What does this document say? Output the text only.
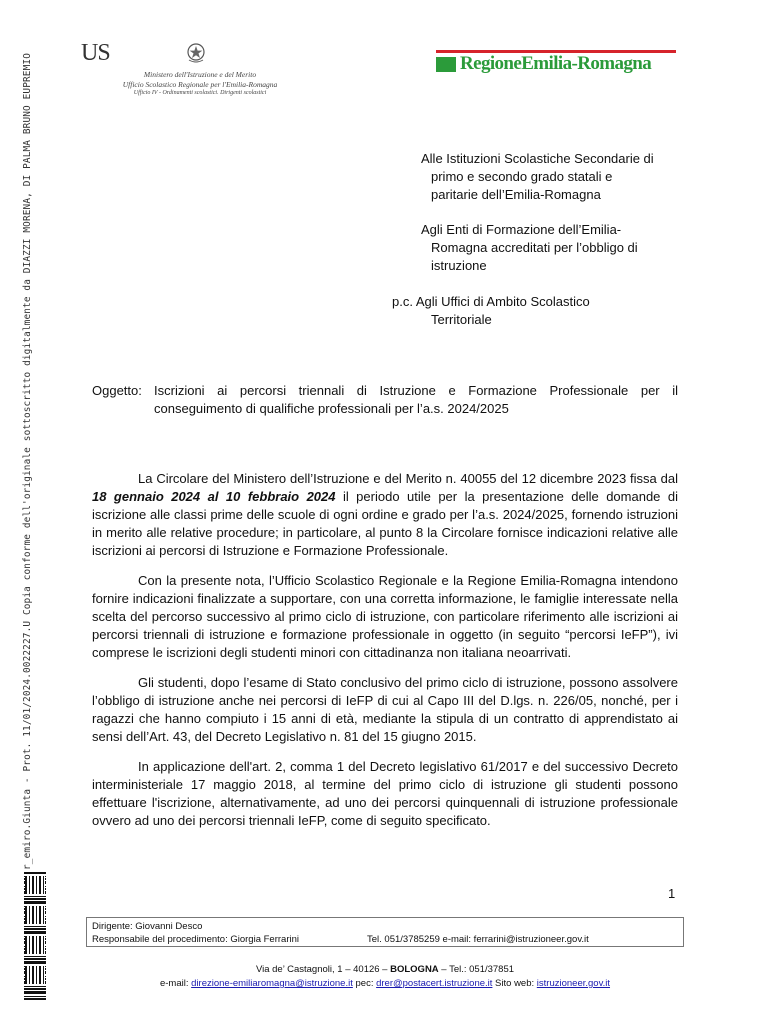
r_emiro.Giunta - Prot. 11/01/2024.0022227.U Copia conforme dell'originale sottoscritto digitalmente da DIAZZI MORENA, DI PALMA BRUNO EUPREMIO US
Ministero dell'Istruzione e del Merito
Ufficio Scolastico Regionale per l'Emilia-Romagna
Ufficio IV - Ordinamenti scolastici. Dirigenti scolastici
RegioneEmilia-Romagna
Alle Istituzioni Scolastiche Secondarie di
primo e secondo grado statali e
paritarie dell’Emilia-Romagna
Agli Enti di Formazione dell’Emilia-
Romagna accreditati per l’obbligo di
istruzione
p.c. Agli Uffici di Ambito Scolastico
Territoriale
Oggetto: Iscrizioni ai percorsi triennali di Istruzione e Formazione Professionale per il conseguimento di qualifiche professionali per l’a.s. 2024/2025

La Circolare del Ministero dell’Istruzione e del Merito n. 40055 del 12 dicembre 2023 fissa dal 18 gennaio 2024 al 10 febbraio 2024 il periodo utile per la presentazione delle domande di iscrizione alle classi prime delle scuole di ogni ordine e grado per l’a.s. 2024/2025, fornendo istruzioni in merito alle relative procedure; in particolare, al punto 8 la Circolare fornisce indicazioni relative alle iscrizioni ai percorsi di Istruzione e Formazione Professionale.

Con la presente nota, l’Ufficio Scolastico Regionale e la Regione Emilia-Romagna intendono fornire indicazioni finalizzate a supportare, con una corretta informazione, le famiglie interessate nella scelta del percorso successivo al primo ciclo di istruzione, con particolare riferimento alle iscrizioni ai percorsi triennali di istruzione e formazione professionale in oggetto (in seguito “percorsi IeFP”), ivi comprese le iscrizioni degli studenti minori con cittadinanza non italiana neoarrivati.

Gli studenti, dopo l’esame di Stato conclusivo del primo ciclo di istruzione, possono assolvere l’obbligo di istruzione anche nei percorsi di IeFP di cui al Capo III del D.lgs. n. 226/05, nonché, per i ragazzi che hanno compiuto i 15 anni di età, mediante la stipula di un contratto di apprendistato ai sensi dell’Art. 43, del Decreto Legislativo n. 81 del 15 giugno 2015.

In applicazione dell'art. 2, comma 1 del Decreto legislativo 61/2017 e del successivo Decreto interministeriale 17 maggio 2018, al termine del primo ciclo di istruzione gli studenti possono effettuare l'iscrizione, alternativamente, ad uno dei percorsi quinquennali di istruzione professionale ovvero ad uno dei percorsi triennali IeFP, come di seguito specificato.

1
Dirigente: Giovanni Desco
Responsabile del procedimento: Giorgia Ferrarini	Tel. 051/3785259 e-mail: ferrarini@istruzioneer.gov.it
Via de’ Castagnoli, 1 – 40126 – BOLOGNA – Tel.: 051/37851
e-mail: direzione-emiliaromagna@istruzione.it pec: drer@postacert.istruzione.it Sito web: istruzioneer.gov.it
